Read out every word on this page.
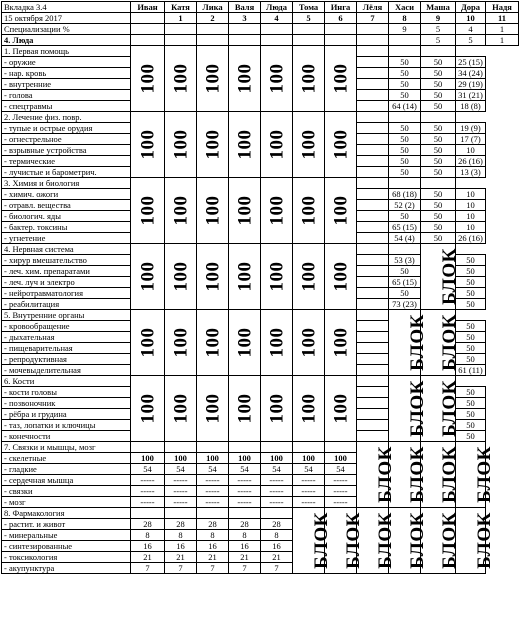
Вкладка 3.4	Иван	Катя	Лика	Валя	Люда	Тома	Инга	Лёля	Хаси	Маша	Дора	Надя
15 октября 2017		1	2	3	4	5	6	7	8	9	10	11
Специализации %									9	5	4	1
4. Люда										5	5	1
1. Первая помощь	100	100	100	100	100	100	100					
- оружие									50	50	25 (15)	
- нар. кровь									50	50	34 (24)	
- внутренние									50	50	29 (19)	
- голова									50	50	31 (21)	
- спецтравмы									64 (14)	50	18 (8)	
2. Лечение физ. повр.	100	100	100	100	100	100	100					
- тупые и острые орудия									50	50	19 (9)	
- огнестрельное									50	50	17 (7)	
- взрывные устройства									50	50	10	
- термические									50	50	26 (16)	
- лучистые и барометрич.									50	50	13 (3)	
3. Химия и биология	100	100	100	100	100	100	100					
- химич. ожоги									68 (18)	50	10	
- отравл. вещества									52 (2)	50	10	
- биологич. яды									50	50	10	
- бактер. токсины									65 (15)	50	10	
- угнетение									54 (4)	50	26 (16)	
4. Нервная система	100	100	100	100	100	100	100			БЛОК		
- хирур вмешательство									53 (3)		50	
- леч. хим. препаратами									50		50	
- леч. луч и электро									65 (15)		50	
- нейротравматология									50		50	
- реабилитация									73 (23)		50	
5. Внутренние органы	100	100	100	100	100	100	100		БЛОК	БЛОК		
- кровообращение											50	
- дыхательная											50	
- пищеварительная											50	
- репродуктивная											50	
- мочевыделительная											61 (11)	
6. Кости	100	100	100	100	100	100	100		БЛОК	БЛОК		
- кости головы											50	
- позвоночник											50	
- рёбра и грудина											50	
- таз, лопатки и ключицы											50	
- конечности											50	
7. Связки и мышцы, мозг								БЛОК	БЛОК	БЛОК	БЛОК	
- скелетные	100	100	100	100	100	100	100					
- гладкие	54	54	54	54	54	54	54					
- сердечная мышца	-----	-----	-----	-----	-----	-----	-----					
- связки	-----	-----	-----	-----	-----	-----	-----					
- мозг	-----	-----	-----	-----	-----	-----	-----					
8. Фармакология						БЛОК	БЛОК	БЛОК	БЛОК	БЛОК	БЛОК	
- растит. и живот	28	28	28	28	28							
- минеральные	8	8	8	8	8							
- синтезированные	16	16	16	16	16							
- токсикология	21	21	21	21	21							
- акупунктура	7	7	7	7	7							
